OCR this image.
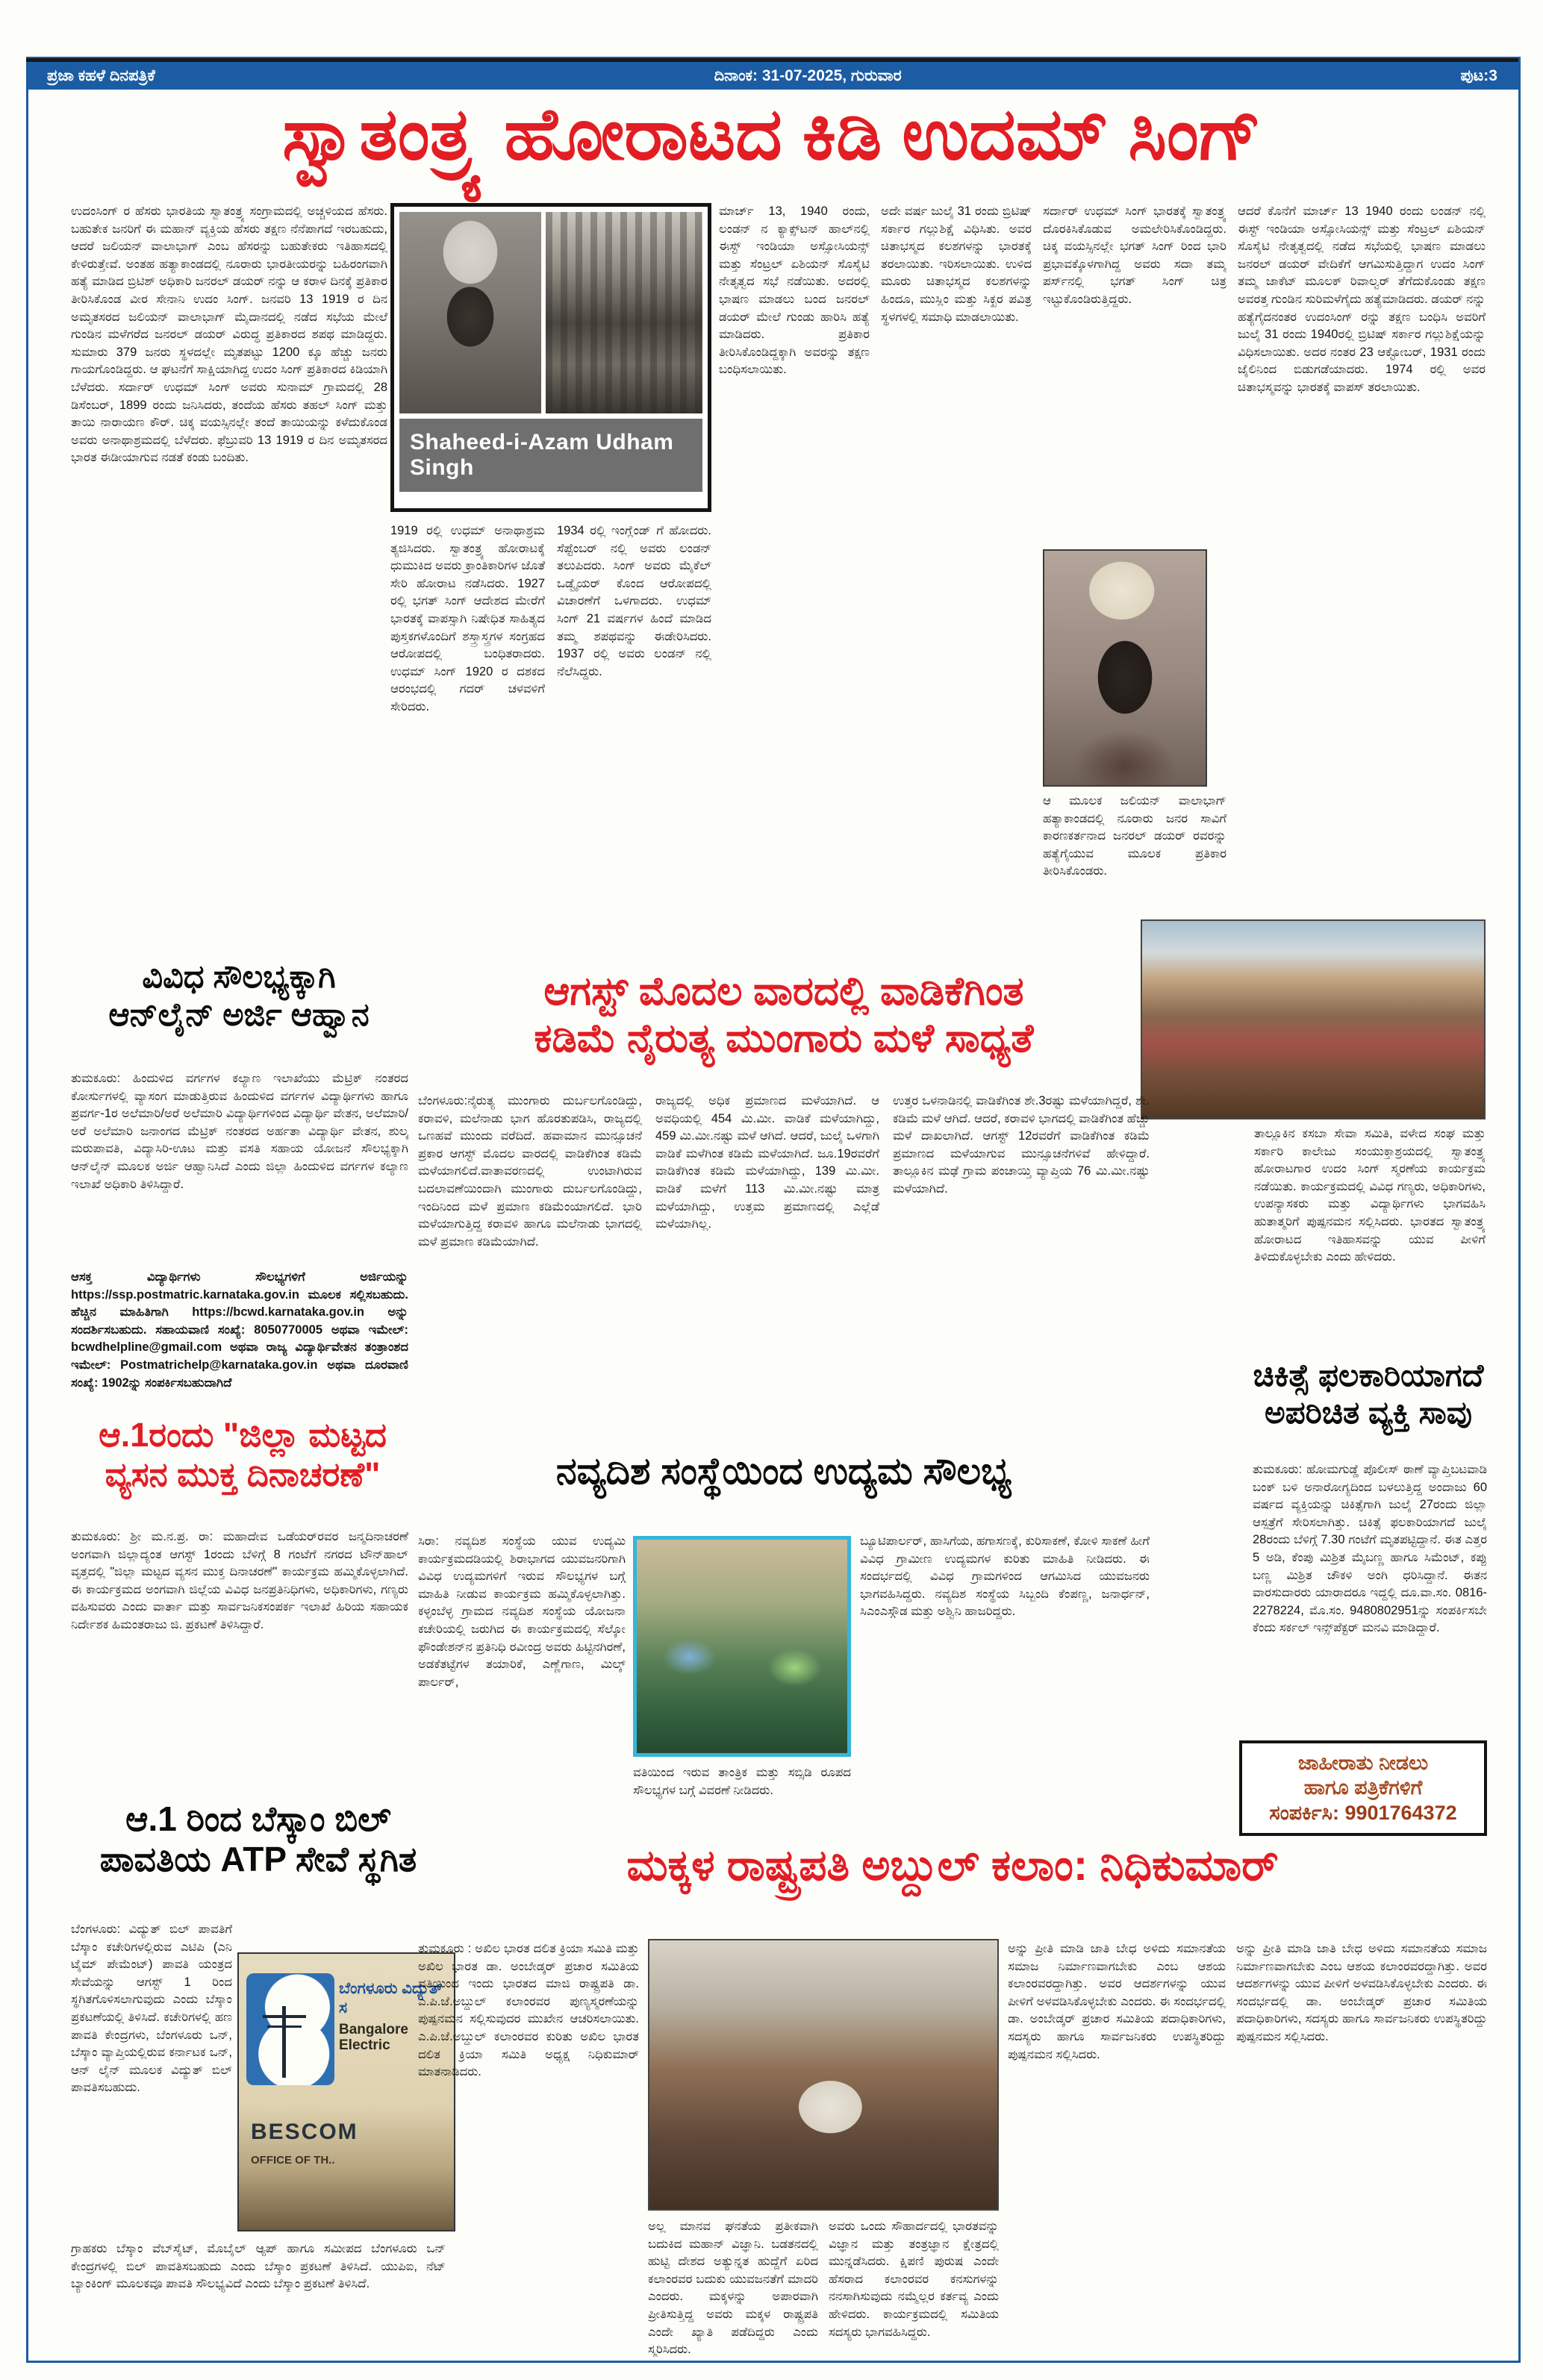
ಪ್ರಜಾ ಕಹಳೆ ದಿನಪತ್ರಿಕೆ	ದಿನಾಂಕ: 31-07-2025, ಗುರುವಾರ	ಪುಟ:3
ಸ್ವಾತಂತ್ರ್ಯ ಹೋರಾಟದ ಕಿಡಿ ಉದಮ್ ಸಿಂಗ್
ಉದಂಸಿಂಗ್ ರ ಹೆಸರು ಭಾರತಿಯ ಸ್ವಾತಂತ್ರ್ಯ ಸಂಗ್ರಾಮದಲ್ಲಿ ಅಚ್ಚಳಿಯದ ಹೆಸರು. ಬಹುತೇಕ ಜನರಿಗೆ ಈ ಮಹಾನ್ ವ್ಯಕ್ತಿಯ ಹೆಸರು ತಕ್ಷಣ ನೆನೆಪಾಗದೆ ಇರಬಹುದು, ಆದರೆ ಜಲಿಯನ್ ವಾಲಾಭಾಗ್ ಎಂಬ ಹೆಸರನ್ನು ಬಹುತೇಕರು ಇತಿಹಾಸದಲ್ಲಿ ಕೇಳಿರುತ್ತೇವೆ. ಅಂತಹ ಹತ್ಯಾಕಾಂಡದಲ್ಲಿ ನೂರಾರು ಭಾರತೀಯರನ್ನು ಬಹಿರಂಗವಾಗಿ ಹತ್ಯೆ ಮಾಡಿದ ಬ್ರಿಟಿಶ್ ಅಧಿಕಾರಿ ಜನರಲ್ ಡಯರ್ ನನ್ನು ಆ ಕರಾಳ ದಿನಕ್ಕೆ ಪ್ರತಿಕಾರ ತೀರಿಸಿಕೊಂಡ ವೀರ ಸೇನಾನಿ ಉದಂ ಸಿಂಗ್. ಜನವರಿ 13 1919 ರ ದಿನ ಅಮೃತಸರದ ಜಲಿಯನ್ ವಾಲಾಭಾಗ್ ಮೈದಾನದಲ್ಲಿ ನಡೆದ ಸಭೆಯ ಮೇಲೆ ಗುಂಡಿನ ಮಳೆಗರೆದ ಜನರಲ್ ಡಯರ್ ವಿರುದ್ಧ ಪ್ರತಿಕಾರದ ಶಪಥ ಮಾಡಿದ್ದರು. ಸುಮಾರು 379 ಜನರು ಸ್ಥಳದಲ್ಲೇ ಮೃತಪಟ್ಟು 1200 ಕ್ಕೂ ಹೆಚ್ಚು ಜನರು ಗಾಯಗೊಂಡಿದ್ದರು. ಆ ಘಟನೆಗೆ ಸಾಕ್ಷಿಯಾಗಿದ್ದ ಉದಂ ಸಿಂಗ್ ಪ್ರತಿಕಾರದ ಕಿಡಿಯಾಗಿ ಬೆಳೆದರು. ಸರ್ದಾರ್ ಉಧಮ್ ಸಿಂಗ್ ಅವರು ಸುನಾಮ್ ಗ್ರಾಮದಲ್ಲಿ 28 ಡಿಸೆಂಬರ್, 1899 ರಂದು ಜನಿಸಿದರು, ತಂದೆಯ ಹೆಸರು ತಹಲ್ ಸಿಂಗ್ ಮತ್ತು ತಾಯಿ ನಾರಾಯಣ ಕೌರ್. ಚಿಕ್ಕ ವಯಸ್ಸಿನಲ್ಲೇ ತಂದೆ ತಾಯಿಯನ್ನು ಕಳೆದುಕೊಂಡ ಅವರು ಅನಾಥಾಶ್ರಮದಲ್ಲಿ ಬೆಳೆದರು. ಫೆಬ್ರುವರಿ 13 1919 ರ ದಿನ ಅಮೃತಸರದ ಭಾರತ ಈಡೀಯಾಗುವ ನಡತೆ ಕಂಡು ಬಂದಿತು.
Shaheed-i-Azam Udham Singh
1919 ರಲ್ಲಿ ಉಧಮ್ ಅನಾಥಾಶ್ರಮ ತ್ಯಜಿಸಿದರು. ಸ್ವಾತಂತ್ರ್ಯ ಹೋರಾಟಕ್ಕೆ ಧುಮುಕಿದ ಅವರು ಕ್ರಾಂತಿಕಾರಿಗಳ ಜೊತೆ ಸೇರಿ ಹೋರಾಟ ನಡೆಸಿದರು. 1927 ರಲ್ಲಿ ಭಗತ್ ಸಿಂಗ್ ಆದೇಶದ ಮೇರೆಗೆ ಭಾರತಕ್ಕೆ ವಾಪಸ್ಸಾಗಿ ನಿಷೇಧಿತ ಸಾಹಿತ್ಯದ ಪುಸ್ತಕಗಳೊಂದಿಗೆ ಶಸ್ತ್ರಾಸ್ತ್ರಗಳ ಸಂಗ್ರಹದ ಆರೋಪದಲ್ಲಿ ಬಂಧಿತರಾದರು. ಉಧಮ್ ಸಿಂಗ್ 1920 ರ ದಶಕದ ಆರಂಭದಲ್ಲಿ ಗದರ್ ಚಳವಳಿಗೆ ಸೇರಿದರು.
1934 ರಲ್ಲಿ ಇಂಗ್ಲೆಂಡ್ ಗೆ ಹೋದರು. ಸೆಪ್ಟೆಂಬರ್ ನಲ್ಲಿ ಅವರು ಲಂಡನ್ ತಲುಪಿದರು. ಸಿಂಗ್ ಅವರು ಮೈಕೆಲ್ ಒಡ್ವೈಯರ್ ಕೊಂದ ಆರೋಪದಲ್ಲಿ ವಿಚಾರಣೆಗೆ ಒಳಗಾದರು. ಉಧಮ್ ಸಿಂಗ್ 21 ವರ್ಷಗಳ ಹಿಂದೆ ಮಾಡಿದ ತಮ್ಮ ಶಪಥವನ್ನು ಈಡೇರಿಸಿದರು. 1937 ರಲ್ಲಿ ಅವರು ಲಂಡನ್ ನಲ್ಲಿ ನೆಲೆಸಿದ್ದರು.
ಮಾರ್ಚ್ 13, 1940 ರಂದು, ಲಂಡನ್ ನ ಕ್ಯಾಕ್ಸ್‌ಟನ್ ಹಾಲ್‌ನಲ್ಲಿ ಈಸ್ಟ್ ಇಂಡಿಯಾ ಅಸ್ಸೋಸಿಯನ್ಸ್ ಮತ್ತು ಸೆಂಟ್ರಲ್ ಏಶಿಯನ್ ಸೊಸೈಟಿ ನೇತೃತ್ವದ ಸಭೆ ನಡೆಯಿತು. ಅದರಲ್ಲಿ ಭಾಷಣ ಮಾಡಲು ಬಂದ ಜನರಲ್ ಡಯರ್ ಮೇಲೆ ಗುಂಡು ಹಾರಿಸಿ ಹತ್ಯೆ ಮಾಡಿದರು. ಪ್ರತಿಕಾರ ತೀರಿಸಿಕೊಂಡಿದ್ದಕ್ಕಾಗಿ ಅವರನ್ನು ತಕ್ಷಣ ಬಂಧಿಸಲಾಯಿತು.
ಅದೇ ವರ್ಷ ಜುಲೈ 31 ರಂದು ಬ್ರಿಟಿಷ್ ಸರ್ಕಾರ ಗಲ್ಲುಶಿಕ್ಷೆ ವಿಧಿಸಿತು. ಅವರ ಚಿತಾಭಸ್ಮದ ಕಲಶಗಳನ್ನು ಭಾರತಕ್ಕೆ ತರಲಾಯಿತು. ಇರಿಸಲಾಯಿತು. ಉಳಿದ ಮೂರು ಚಿತಾಭಸ್ಮದ ಕಲಶಗಳನ್ನು ಹಿಂದೂ, ಮುಸ್ಲಿಂ ಮತ್ತು ಸಿಕ್ಖರ ಪವಿತ್ರ ಸ್ಥಳಗಳಲ್ಲಿ ಸಮಾಧಿ ಮಾಡಲಾಯಿತು.
ಸರ್ದಾರ್ ಉಧಮ್ ಸಿಂಗ್ ಭಾರತಕ್ಕೆ ಸ್ವಾತಂತ್ರ್ಯ ದೊರಕಿಸಿಕೊಡುವ ಅಮಲೇರಿಸಿಕೊಂಡಿದ್ದರು. ಚಿಕ್ಕ ವಯಸ್ಸಿನಲ್ಲೇ ಭಗತ್ ಸಿಂಗ್ ರಿಂದ ಭಾರಿ ಪ್ರಭಾವಕ್ಕೊಳಗಾಗಿದ್ದ ಅವರು ಸದಾ ತಮ್ಮ ಪರ್ಸ್‌ನಲ್ಲಿ ಭಗತ್ ಸಿಂಗ್ ಚಿತ್ರ ಇಟ್ಟುಕೊಂಡಿರುತ್ತಿದ್ದರು.
ಆ ಮೂಲಕ ಜಲಿಯನ್ ವಾಲಾಭಾಗ್ ಹತ್ಯಾಕಾಂಡದಲ್ಲಿ ನೂರಾರು ಜನರ ಸಾವಿಗೆ ಕಾರಣಕರ್ತನಾದ ಜನರಲ್ ಡಯರ್ ರವರನ್ನು ಹತ್ಯೆಗೈಯುವ ಮೂಲಕ ಪ್ರತಿಕಾರ ತೀರಿಸಿಕೊಂಡರು.
ಆದರೆ ಕೊನೆಗೆ ಮಾರ್ಚ್ 13 1940 ರಂದು ಲಂಡನ್ ನಲ್ಲಿ ಈಸ್ಟ್ ಇಂಡಿಯಾ ಅಸ್ಸೋಸಿಯನ್ಸ್ ಮತ್ತು ಸೆಂಟ್ರಲ್ ಏಶಿಯನ್ ಸೊಸೈಟಿ ನೇತೃತ್ವದಲ್ಲಿ ನಡೆದ ಸಭೆಯಲ್ಲಿ ಭಾಷಣ ಮಾಡಲು ಜನರಲ್ ಡಯರ್ ವೇದಿಕೆಗೆ ಆಗಮಿಸುತ್ತಿದ್ದಾಗ ಉದಂ ಸಿಂಗ್ ತಮ್ಮ ಜಾಕೆಟ್ ಮೂಲಕ್ ರಿವಾಲ್ವರ್ ತೆಗೆದುಕೊಂಡು ತಕ್ಷಣ ಅವರತ್ತ ಗುಂಡಿನ ಸುರಿಮಳೆಗೈದು ಹತ್ಯೆಮಾಡಿದರು. ಡಯರ್ ನನ್ನು ಹತ್ಯೆಗೈದನಂತರ ಉದಂಸಿಂಗ್ ರನ್ನು ತಕ್ಷಣ ಬಂಧಿಸಿ ಅವರಿಗೆ ಜುಲೈ 31 ರಂದು 1940ರಲ್ಲಿ ಬ್ರಿಟಿಷ್ ಸರ್ಕಾರ ಗಲ್ಲುಶಿಕ್ಷೆಯನ್ನು ವಿಧಿಸಲಾಯಿತು. ಅದರ ನಂತರ 23 ಆಕ್ಟೋಬರ್, 1931 ರಂದು ಜೈಲಿನಿಂದ ಬಿಡುಗಡೆಯಾದರು. 1974 ರಲ್ಲಿ ಅವರ ಚಿತಾಭಸ್ಮವನ್ನು ಭಾರತಕ್ಕೆ ವಾಪಸ್ ತರಲಾಯಿತು.
ತಾಲ್ಲೂಕಿನ ಕಸಬಾ ಸೇವಾ ಸಮಿತಿ, ವಳೇದ ಸಂಘ ಮತ್ತು ಸರ್ಕಾರಿ ಕಾಲೇಜು ಸಂಯುಕ್ತಾಶ್ರಯದಲ್ಲಿ ಸ್ವಾತಂತ್ರ್ಯ ಹೋರಾಟಗಾರ ಉದಂ ಸಿಂಗ್ ಸ್ಮರಣೆಯ ಕಾರ್ಯಕ್ರಮ ನಡೆಯಿತು. ಕಾರ್ಯಕ್ರಮದಲ್ಲಿ ವಿವಿಧ ಗಣ್ಯರು, ಅಧಿಕಾರಿಗಳು, ಉಪನ್ಯಾಸಕರು ಮತ್ತು ವಿದ್ಯಾರ್ಥಿಗಳು ಭಾಗವಹಿಸಿ ಹುತಾತ್ಮರಿಗೆ ಪುಷ್ಪನಮನ ಸಲ್ಲಿಸಿದರು. ಭಾರತದ ಸ್ವಾತಂತ್ರ್ಯ ಹೋರಾಟದ ಇತಿಹಾಸವನ್ನು ಯುವ ಪೀಳಿಗೆ ತಿಳಿದುಕೊಳ್ಳಬೇಕು ಎಂದು ಹೇಳಿದರು.
ವಿವಿಧ ಸೌಲಭ್ಯಕ್ಕಾಗಿ
ಆನ್‌ಲೈನ್ ಅರ್ಜಿ ಆಹ್ವಾನ
ತುಮಕೂರು: ಹಿಂದುಳಿದ ವರ್ಗಗಳ ಕಲ್ಯಾಣ ಇಲಾಖೆಯು ಮೆಟ್ರಿಕ್ ನಂತರದ ಕೋರ್ಸುಗಳಲ್ಲಿ ವ್ಯಾಸಂಗ ಮಾಡುತ್ತಿರುವ ಹಿಂದುಳಿದ ವರ್ಗಗಳ ವಿದ್ಯಾರ್ಥಿಗಳು ಹಾಗೂ ಪ್ರವರ್ಗ-1ರ ಅಲೆಮಾರಿ/ಅರೆ ಅಲೆಮಾರಿ ವಿದ್ಯಾರ್ಥಿಗಳಿಂದ ವಿದ್ಯಾರ್ಥಿ ವೇತನ, ಅಲೆಮಾರಿ/ಅರೆ ಅಲೆಮಾರಿ ಜನಾಂಗದ ಮೆಟ್ರಿಕ್ ನಂತರದ ಅರ್ಹತಾ ವಿದ್ಯಾರ್ಥಿ ವೇತನ, ಶುಲ್ಕ ಮರುಪಾವತಿ, ವಿದ್ಯಾಸಿರಿ-ಊಟ ಮತ್ತು ವಸತಿ ಸಹಾಯ ಯೋಜನೆ ಸೌಲಭ್ಯಕ್ಕಾಗಿ ಆನ್‌ಲೈನ್ ಮೂಲಕ ಅರ್ಜಿ ಆಹ್ವಾನಿಸಿದೆ ಎಂದು ಜಿಲ್ಲಾ ಹಿಂದುಳಿದ ವರ್ಗಗಳ ಕಲ್ಯಾಣ ಇಲಾಖೆ ಅಧಿಕಾರಿ ತಿಳಿಸಿದ್ದಾರೆ.
ಆಸಕ್ತ ವಿದ್ಯಾರ್ಥಿಗಳು ಸೌಲಭ್ಯಗಳಿಗೆ ಅರ್ಜಿಯನ್ನು https://ssp.postmatric.karnataka.gov.in ಮೂಲಕ ಸಲ್ಲಿಸಬಹುದು. ಹೆಚ್ಚಿನ ಮಾಹಿತಿಗಾಗಿ https://bcwd.karnataka.gov.in ಅನ್ನು ಸಂದರ್ಶಿಸಬಹುದು. ಸಹಾಯವಾಣಿ ಸಂಖ್ಯೆ: 8050770005 ಅಥವಾ ಇಮೇಲ್: bcwdhelpline@gmail.com ಅಥವಾ ರಾಜ್ಯ ವಿದ್ಯಾರ್ಥಿವೇತನ ತಂತ್ರಾಂಶದ ಇಮೇಲ್: Postmatrichelp@karnataka.gov.in ಅಥವಾ ದೂರವಾಣಿ ಸಂಖ್ಯೆ: 1902ನ್ನು ಸಂಪರ್ಕಿಸಬಹುದಾಗಿದೆ
ಆಗಸ್ಟ್ ಮೊದಲ ವಾರದಲ್ಲಿ ವಾಡಿಕೆಗಿಂತ
ಕಡಿಮೆ ನೈರುತ್ಯ ಮುಂಗಾರು ಮಳೆ ಸಾಧ್ಯತೆ
ಬೆಂಗಳೂರು:ನೈರುತ್ಯ ಮುಂಗಾರು ದುರ್ಬಲಗೊಂಡಿದ್ದು, ಕರಾವಳಿ, ಮಲೆನಾಡು ಭಾಗ ಹೊರತುಪಡಿಸಿ, ರಾಜ್ಯದಲ್ಲಿ ಒಣಹವೆ ಮುಂದು ವರೆದಿದೆ. ಹವಾಮಾನ ಮುನ್ಸೂಚನೆ ಪ್ರಕಾರ ಆಗಸ್ಟ್ ಮೊದಲ ವಾರದಲ್ಲಿ ವಾಡಿಕೆಗಿಂತ ಕಡಿಮೆ ಮಳೆಯಾಗಲಿದೆ.ವಾತಾವರಣದಲ್ಲಿ ಉಂಟಾಗಿರುವ ಬದಲಾವಣೆಯಿಂದಾಗಿ ಮುಂಗಾರು ದುರ್ಬಲಗೊಂಡಿದ್ದು, ಇಂದಿನಿಂದ ಮಳೆ ಪ್ರಮಾಣ ಕಡಿಮೆಂಯಾಗಲಿದೆ. ಭಾರಿ ಮಳೆಯಾಗುತ್ತಿದ್ದ ಕರಾವಳಿ ಹಾಗೂ ಮಲೆನಾಡು ಭಾಗದಲ್ಲಿ ಮಳೆ ಪ್ರಮಾಣ ಕಡಿಮೆಯಾಗಿದೆ.
ರಾಜ್ಯದಲ್ಲಿ ಅಧಿಕ ಪ್ರಮಾಣದ ಮಳೆಯಾಗಿದೆ. ಆ ಅವಧಿಯಲ್ಲಿ 454 ಮಿ.ಮೀ. ವಾಡಿಕೆ ಮಳೆಯಾಗಿದ್ದು, 459 ಮಿ.ಮೀ.ನಷ್ಟು ಮಳೆ ಆಗಿದೆ. ಆದರೆ, ಜುಲೈ ಒಳಗಾಗಿ ವಾಡಿಕೆ ಮಳೆಗಿಂತ ಕಡಿಮೆ ಮಳೆಯಾಗಿದೆ. ಜೂ.19ರವರೆಗೆ ವಾಡಿಕೆಗಿಂತ ಕಡಿಮೆ ಮಳೆಯಾಗಿದ್ದು, 139 ಮಿ.ಮೀ. ವಾಡಿಕೆ ಮಳೆಗೆ 113 ಮಿ.ಮೀ.ನಷ್ಟು ಮಾತ್ರ ಮಳೆಯಾಗಿದ್ದು, ಉತ್ತಮ ಪ್ರಮಾಣದಲ್ಲಿ ಎಲ್ಲೆಡೆ ಮಳೆಯಾಗಿಲ್ಲ.
ಉತ್ತರ ಒಳನಾಡಿನಲ್ಲಿ ವಾಡಿಕೆಗಿಂತ ಶೇ.3ರಷ್ಟು ಮಳೆಯಾಗಿದ್ದರೆ, ಶೇ. ಕಡಿಮೆ ಮಳೆ ಆಗಿದೆ. ಆದರೆ, ಕರಾವಳಿ ಭಾಗದಲ್ಲಿ ವಾಡಿಕೆಗಿಂತ ಹೆಚ್ಚು ಮಳೆ ದಾಖಲಾಗಿದೆ. ಆಗಸ್ಟ್ 12ರವರೆಗೆ ವಾಡಿಕೆಗಿಂತ ಕಡಿಮೆ ಪ್ರಮಾಣದ ಮಳೆಯಾಗುವ ಮುನ್ಸೂಚನೆಗಳಿವೆ ಹೇಳಿದ್ದಾರೆ. ತಾಲ್ಲೂಕಿನ ಮಢೆ ಗ್ರಾಮ ಪಂಚಾಯ್ತಿ ವ್ಯಾಪ್ತಿಯ 76 ಮಿ.ಮೀ.ನಷ್ಟು ಮಳೆಯಾಗಿದೆ.
ಚಿಕಿತ್ಸೆ ಫಲಕಾರಿಯಾಗದೆ
ಅಪರಿಚಿತ ವ್ಯಕ್ತಿ ಸಾವು
ತುಮಕೂರು: ಹೋಮಗುಡ್ಡೆ ಪೊಲೀಸ್ ಠಾಣೆ ವ್ಯಾಪ್ತಿಬಟವಾಡಿ ಬಂಕ್ ಬಳಿ ಅನಾರೋಗ್ಯದಿಂದ ಬಳಲುತ್ತಿದ್ದ ಅಂದಾಜು 60 ವರ್ಷದ ವ್ಯಕ್ತಿಯನ್ನು ಚಿಕಿತ್ಸೆಗಾಗಿ ಜುಲೈ 27ರಂದು ಜಿಲ್ಲಾ ಆಸ್ಪತ್ರೆಗೆ ಸೇರಿಸಲಾಗಿತ್ತು. ಚಿಕಿತ್ಸೆ ಫಲಕಾರಿಯಾಗದೆ ಜುಲೈ 28ರಂದು ಬೆಳಿಗ್ಗೆ 7.30 ಗಂಟೆಗೆ ಮೃತಪಟ್ಟಿದ್ದಾನೆ. ಈತ ಎತ್ತರ 5 ಅಡಿ, ಕೆಂಪು ಮಿಶ್ರಿತ ಮೈಬಣ್ಣ ಹಾಗೂ ಸಿಮೆಂಟ್, ಕಪ್ಪು ಬಣ್ಣ ಮಿಶ್ರಿತ ಚೌಕಳಿ ಅಂಗಿ ಧರಿಸಿದ್ದಾನೆ. ಈತನ ವಾರಸುದಾರರು ಯಾರಾದರೂ ಇದ್ದಲ್ಲಿ ದೂ.ವಾ.ಸಂ. 0816-2278224, ಮೊ.ಸಂ. 9480802951ನ್ನು ಸಂಪರ್ಕಿಸಬೇ ಕೆಂದು ಸರ್ಕಲ್ ಇನ್ಸ್‌ಪೆಕ್ಟರ್ ಮನವಿ ಮಾಡಿದ್ದಾರೆ.
ಜಾಹೀರಾತು ನೀಡಲು
ಹಾಗೂ ಪತ್ರಿಕೆಗಳಿಗೆ
ಸಂಪರ್ಕಿಸಿ: 9901764372
ಆ.1ರಂದು "ಜಿಲ್ಲಾ ಮಟ್ಟದ
ವ್ಯಸನ ಮುಕ್ತ ದಿನಾಚರಣೆ"
ತುಮಕೂರು: ಶ್ರೀ ಮ.ನ.ಪ್ರ. ರಾ: ಮಹಾದೇವ ಒಡೆಯರ್‌ರವರ ಜನ್ಮದಿನಾಚರಣೆ ಅಂಗವಾಗಿ ಜಿಲ್ಲಾದ್ಯಂತ ಆಗಸ್ಟ್ 1ರಂದು ಬೆಳಿಗ್ಗೆ 8 ಗಂಟೆಗೆ ನಗರದ ಟೌನ್‌ಹಾಲ್ ವೃತ್ತದಲ್ಲಿ "ಜಿಲ್ಲಾ ಮಟ್ಟದ ವ್ಯಸನ ಮುಕ್ತ ದಿನಾಚರಣೆ" ಕಾರ್ಯಕ್ರಮ ಹಮ್ಮಿಕೊಳ್ಳಲಾಗಿದೆ. ಈ ಕಾರ್ಯಕ್ರಮದ ಅಂಗವಾಗಿ ಜಿಲ್ಲೆಯ ವಿವಿಧ ಜನಪ್ರತಿನಿಧಿಗಳು, ಅಧಿಕಾರಿಗಳು, ಗಣ್ಯರು ವಹಿಸುವರು ಎಂದು ವಾರ್ತಾ ಮತ್ತು ಸಾರ್ವಜನಿಕಸಂಪರ್ಕ ಇಲಾಖೆ ಹಿರಿಯ ಸಹಾಯಕ ನಿರ್ದೇಶಕ ಹಿಮಂತರಾಜು ಜಿ. ಪ್ರಕಟಣೆ ತಿಳಿಸಿದ್ದಾರೆ.
ನವ್ಯದಿಶ ಸಂಸ್ಥೆಯಿಂದ ಉದ್ಯಮ ಸೌಲಭ್ಯ
ಸಿರಾ: ನವ್ಯದಿಶ ಸಂಸ್ಥೆಯ ಯುವ ಉದ್ಯಮಿ ಕಾರ್ಯಕ್ರಮದಡಿಯಲ್ಲಿ ಶಿರಾಭಾಗದ ಯುವಜನರಿಗಾಗಿ ವಿವಿಧ ಉದ್ಯಮಗಳಿಗೆ ಇರುವ ಸೌಲಭ್ಯಗಳ ಬಗ್ಗೆ ಮಾಹಿತಿ ನೀಡುವ ಕಾರ್ಯಕ್ರಮ ಹಮ್ಮಿಕೊಳ್ಳಲಾಗಿತ್ತು. ಕಳ್ಳಂಬೆಳ್ಳ ಗ್ರಾಮದ ನವ್ಯದಿಶ ಸಂಸ್ಥೆಯ ಯೋಜನಾ ಕಚೇರಿಯಲ್ಲಿ ಜರುಗಿದ ಈ ಕಾರ್ಯಕ್ರಮದಲ್ಲಿ ಸೆಲ್ಕೋ ಫೌಂಡೇಶನ್‌ನ ಪ್ರತಿನಿಧಿ ರವೀಂದ್ರ ಅವರು ಹಿಟ್ಟಿನಗಿರಣೆ, ಅಡಕೆತಟ್ಟೆಗಳ ತಯಾರಿಕೆ, ಎಣ್ಣೆಗಾಣ, ಮಿಲ್ಕ್ ಪಾರ್ಲರ್,
ವತಿಯಿಂದ ಇರುವ ತಾಂತ್ರಿಕ ಮತ್ತು ಸಬ್ಸಿಡಿ ರೂಪದ ಸೌಲಭ್ಯಗಳ ಬಗ್ಗೆ ವಿವರಣೆ ನೀಡಿದರು.
ಬ್ಯೂಟಿಪಾರ್ಲರ್, ಹಾಸಿಗೆಯ, ಹಗಾಸಣಕ್ಕೆ, ಕುರಿಸಾಕಣೆ, ಕೋಳಿ ಸಾಕಣೆ ಹೀಗೆ ವಿವಿಧ ಗ್ರಾಮೀಣ ಉದ್ಯಮಗಳ ಕುರಿತು ಮಾಹಿತಿ ನೀಡಿದರು. ಈ ಸಂದರ್ಭದಲ್ಲಿ ವಿವಿಧ ಗ್ರಾಮಗಳಿಂದ ಆಗಮಿಸಿದ ಯುವಜನರು ಭಾಗವಹಿಸಿದ್ದರು. ನವ್ಯದಿಶ ಸಂಸ್ಥೆಯ ಸಿಬ್ಬಂದಿ ಕೆಂಪಣ್ಣ, ಜನಾರ್ಧನ್, ಸಿಎಂಎಸ್ಗೌಡ ಮತ್ತು ಅಶ್ವಿನಿ ಹಾಜರಿದ್ದರು.
ಆ.1 ರಿಂದ ಬೆಸ್ಕಾಂ ಬಿಲ್
ಪಾವತಿಯ ATP ಸೇವೆ ಸ್ಥಗಿತ
ಬೆಂಗಳೂರು: ವಿದ್ಯುತ್ ಬಿಲ್ ಪಾವತಿಗೆ ಬೆಸ್ಕಾಂ ಕಚೇರಿಗಳಲ್ಲಿರುವ ಎಟಿಪಿ (ಎನಿ ಟೈಮ್ ಪೇಮೆಂಟ್) ಪಾವತಿ ಯಂತ್ರದ ಸೇವೆಯನ್ನು ಆಗಸ್ಟ್ 1 ರಿಂದ ಸ್ಥಗಿತಗೊಳಿಸಲಾಗುವುದು ಎಂದು ಬೆಸ್ಕಾಂ ಪ್ರಕಟಣೆಯಲ್ಲಿ ತಿಳಿಸಿದೆ. ಕಚೇರಿಗಳಲ್ಲಿ ಹಣ ಪಾವತಿ ಕೇಂದ್ರಗಳು, ಬೆಂಗಳೂರು ಒನ್, ಬೆಸ್ಕಾಂ ವ್ಯಾಪ್ತಿಯಲ್ಲಿರುವ ಕರ್ನಾಟಕ ಒನ್, ಆನ್ ಲೈನ್ ಮೂಲಕ ವಿದ್ಯುತ್ ಬಿಲ್ ಪಾವತಿಸಬಹುದು.
ಬೆಂಗಳೂರು ವಿದ್ಯುತ್ ಸ
Bangalore Electric
BESCOM
OFFICE OF TH..
ಗ್ರಾಹಕರು ಬೆಸ್ಕಾಂ ವೆಬ್‌ಸೈಟ್, ಮೊಬೈಲ್ ಆ್ಯಪ್ ಹಾಗೂ ಸಮೀಪದ ಬೆಂಗಳೂರು ಒನ್ ಕೇಂದ್ರಗಳಲ್ಲಿ ಬಿಲ್ ಪಾವತಿಸಬಹುದು ಎಂದು ಬೆಸ್ಕಾಂ ಪ್ರಕಟಣೆ ತಿಳಿಸಿದೆ. ಯುಪಿಐ, ನೆಟ್ ಬ್ಯಾಂಕಿಂಗ್ ಮೂಲಕವೂ ಪಾವತಿ ಸೌಲಭ್ಯವಿದೆ ಎಂದು ಬೆಸ್ಕಾಂ ಪ್ರಕಟಣೆ ತಿಳಿಸಿದೆ.
ಮಕ್ಕಳ ರಾಷ್ಟ್ರಪತಿ ಅಬ್ದುಲ್ ಕಲಾಂ: ನಿಧಿಕುಮಾರ್
ತುಮಕೂರು : ಅಖಿಲ ಭಾರತ ದಲಿತ ಕ್ರಿಯಾ ಸಮಿತಿ ಮತ್ತು ಅಖಿಲ ಭಾರತ ಡಾ. ಅಂಬೇಡ್ಕರ್ ಪ್ರಚಾರ ಸಮಿತಿಯ ವತಿಯಿಂದ ಇಂದು ಭಾರತದ ಮಾಜಿ ರಾಷ್ಟ್ರಪತಿ ಡಾ. ಎ.ಪಿ.ಜೆ.ಅಬ್ದುಲ್ ಕಲಾಂರವರ ಪುಣ್ಯಸ್ಮರಣೆಯನ್ನು ಪುಷ್ಪನಮನ ಸಲ್ಲಿಸುವುದರ ಮುಖೇನ ಆಚರಿಸಲಾಯಿತು. ಎ.ಪಿ.ಜೆ.ಅಬ್ದುಲ್ ಕಲಾಂರವರ ಕುರಿತು ಅಖಿಲ ಭಾರತ ದಲಿತ ಕ್ರಿಯಾ ಸಮಿತಿ ಅಧ್ಯಕ್ಷ ನಿಧಿಕುಮಾರ್ ಮಾತನಾಡಿದರು.
ಅಲ್ಲ ಮಾನವ ಘನತೆಯ ಪ್ರತೀಕವಾಗಿ ಬದುಕಿದ ಮಹಾನ್ ವಿಜ್ಞಾನಿ. ಬಡತನದಲ್ಲಿ ಹುಟ್ಟಿ ದೇಶದ ಅತ್ಯುನ್ನತ ಹುದ್ದೆಗೆ ಏರಿದ ಕಲಾಂರವರ ಬದುಕು ಯುವಜನತೆಗೆ ಮಾದರಿ ಎಂದರು. ಮಕ್ಕಳನ್ನು ಅಪಾರವಾಗಿ ಪ್ರೀತಿಸುತ್ತಿದ್ದ ಅವರು ಮಕ್ಕಳ ರಾಷ್ಟ್ರಪತಿ ಎಂದೇ ಖ್ಯಾತಿ ಪಡೆದಿದ್ದರು ಎಂದು ಸ್ಮರಿಸಿದರು.
ಅವರು ಒಂದು ಸೌಹಾರ್ದದಲ್ಲಿ ಭಾರತವನ್ನು ವಿಜ್ಞಾನ ಮತ್ತು ತಂತ್ರಜ್ಞಾನ ಕ್ಷೇತ್ರದಲ್ಲಿ ಮುನ್ನಡೆಸಿದರು. ಕ್ಷಿಪಣಿ ಪುರುಷ ಎಂದೇ ಹೆಸರಾದ ಕಲಾಂರವರ ಕನಸುಗಳನ್ನು ನನಸಾಗಿಸುವುದು ನಮ್ಮೆಲ್ಲರ ಕರ್ತವ್ಯ ಎಂದು ಹೇಳಿದರು. ಕಾರ್ಯಕ್ರಮದಲ್ಲಿ ಸಮಿತಿಯ ಸದಸ್ಯರು ಭಾಗವಹಿಸಿದ್ದರು.
ಅನ್ನು ಪ್ರೀತಿ ಮಾಡಿ ಜಾತಿ ಬೇಧ ಅಳಿದು ಸಮಾನತೆಯ ಸಮಾಜ ನಿರ್ಮಾಣವಾಗಬೇಕು ಎಂಬ ಆಶಯ ಕಲಾಂರವರದ್ದಾಗಿತ್ತು. ಅವರ ಆದರ್ಶಗಳನ್ನು ಯುವ ಪೀಳಿಗೆ ಅಳವಡಿಸಿಕೊಳ್ಳಬೇಕು ಎಂದರು. ಈ ಸಂದರ್ಭದಲ್ಲಿ ಡಾ. ಅಂಬೇಡ್ಕರ್ ಪ್ರಚಾರ ಸಮಿತಿಯ ಪದಾಧಿಕಾರಿಗಳು, ಸದಸ್ಯರು ಹಾಗೂ ಸಾರ್ವಜನಿಕರು ಉಪಸ್ಥಿತರಿದ್ದು ಪುಷ್ಪನಮನ ಸಲ್ಲಿಸಿದರು.
ಅನ್ನು ಪ್ರೀತಿ ಮಾಡಿ ಜಾತಿ ಬೇಧ ಅಳಿದು ಸಮಾನತೆಯ ಸಮಾಜ ನಿರ್ಮಾಣವಾಗಬೇಕು ಎಂಬ ಆಶಯ ಕಲಾಂರವರದ್ದಾಗಿತ್ತು. ಅವರ ಆದರ್ಶಗಳನ್ನು ಯುವ ಪೀಳಿಗೆ ಅಳವಡಿಸಿಕೊಳ್ಳಬೇಕು ಎಂದರು. ಈ ಸಂದರ್ಭದಲ್ಲಿ ಡಾ. ಅಂಬೇಡ್ಕರ್ ಪ್ರಚಾರ ಸಮಿತಿಯ ಪದಾಧಿಕಾರಿಗಳು, ಸದಸ್ಯರು ಹಾಗೂ ಸಾರ್ವಜನಿಕರು ಉಪಸ್ಥಿತರಿದ್ದು ಪುಷ್ಪನಮನ ಸಲ್ಲಿಸಿದರು.
